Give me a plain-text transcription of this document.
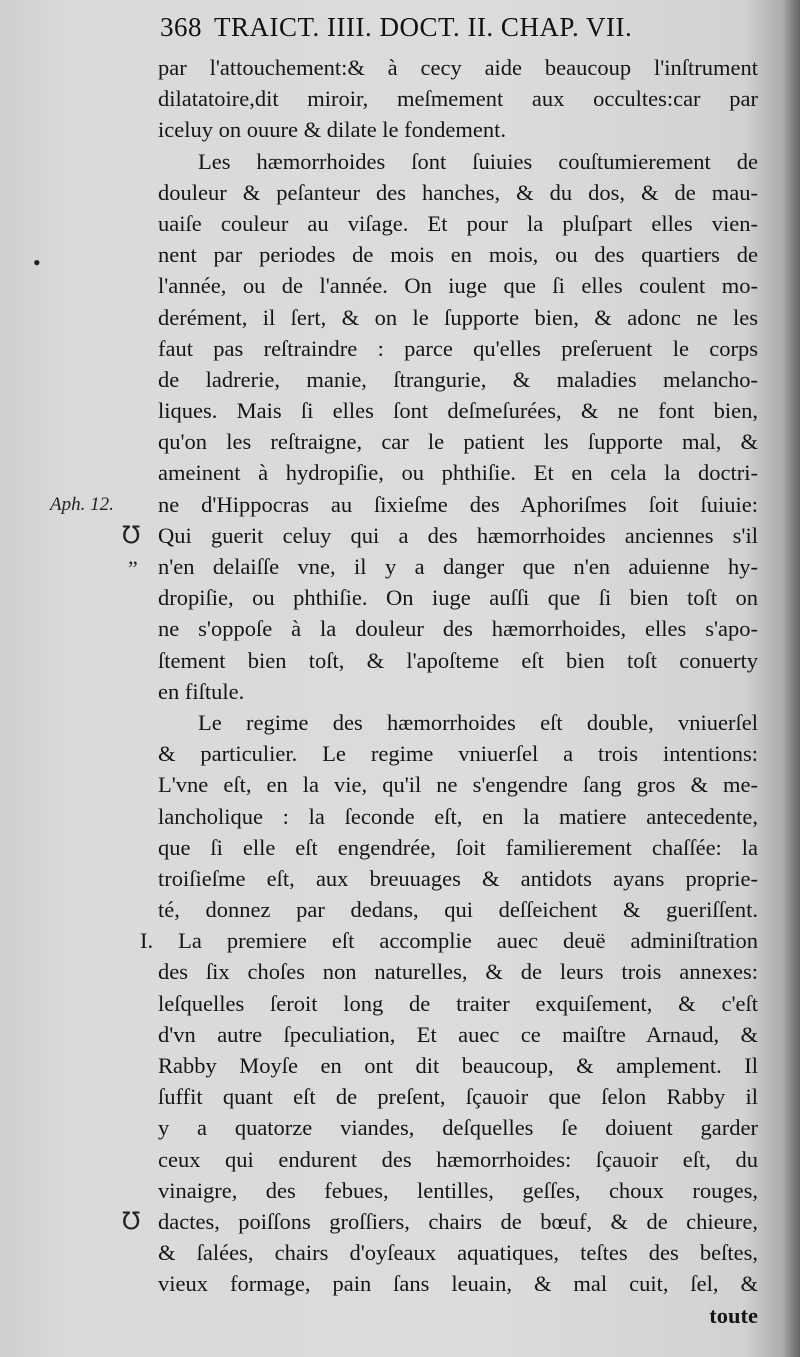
368 TRAICT. IIII. DOCT. II. CHAP. VII.
•
Aph. 12.
℧
”
℧
par l'attouchement:& à cecy aide beaucoup l'inſtrument
dilatatoire,dit miroir, meſmement aux occultes:car par
iceluy on ouure & dilate le fondement.
Les hæmorrhoides ſont ſuiuies couſtumierement de
douleur & peſanteur des hanches, & du dos, & de mau-
uaiſe couleur au viſage. Et pour la pluſpart elles vien-
nent par periodes de mois en mois, ou des quartiers de
l'année, ou de l'année. On iuge que ſi elles coulent mo-
derément, il ſert, & on le ſupporte bien, & adonc ne les
faut pas reſtraindre : parce qu'elles preſeruent le corps
de ladrerie, manie, ſtrangurie, & maladies melancho-
liques. Mais ſi elles ſont deſmeſurées, & ne font bien,
qu'on les reſtraigne, car le patient les ſupporte mal, &
ameinent à hydropiſie, ou phthiſie. Et en cela la doctri-
ne d'Hippocras au ſixieſme des Aphoriſmes ſoit ſuiuie:
Qui guerit celuy qui a des hæmorrhoides anciennes s'il
n'en delaiſſe vne, il y a danger que n'en aduienne hy-
dropiſie, ou phthiſie. On iuge auſſi que ſi bien toſt on
ne s'oppoſe à la douleur des hæmorrhoides, elles s'apo-
ſtement bien toſt, & l'apoſteme eſt bien toſt conuerty
en fiſtule.
Le regime des hæmorrhoides eſt double, vniuerſel
& particulier. Le regime vniuerſel a trois intentions:
L'vne eſt, en la vie, qu'il ne s'engendre ſang gros & me-
lancholique : la ſeconde eſt, en la matiere antecedente,
que ſi elle eſt engendrée, ſoit familierement chaſſée: la
troiſieſme eſt, aux breuuages & antidots ayans proprie-
té, donnez par dedans, qui deſſeichent & gueriſſent.
I. La premiere eſt accomplie auec deuë adminiſtration
des ſix choſes non naturelles, & de leurs trois annexes:
leſquelles ſeroit long de traiter exquiſement, & c'eſt
d'vn autre ſpeculiation, Et auec ce maiſtre Arnaud, &
Rabby Moyſe en ont dit beaucoup, & amplement. Il
ſuffit quant eſt de preſent, ſçauoir que ſelon Rabby il
y a quatorze viandes, deſquelles ſe doiuent garder
ceux qui endurent des hæmorrhoides: ſçauoir eſt, du
vinaigre, des febues, lentilles, geſſes, choux rouges,
dactes, poiſſons groſſiers, chairs de bœuf, & de chieure,
& ſalées, chairs d'oyſeaux aquatiques, teſtes des beſtes,
vieux formage, pain ſans leuain, & mal cuit, ſel, &
toute
